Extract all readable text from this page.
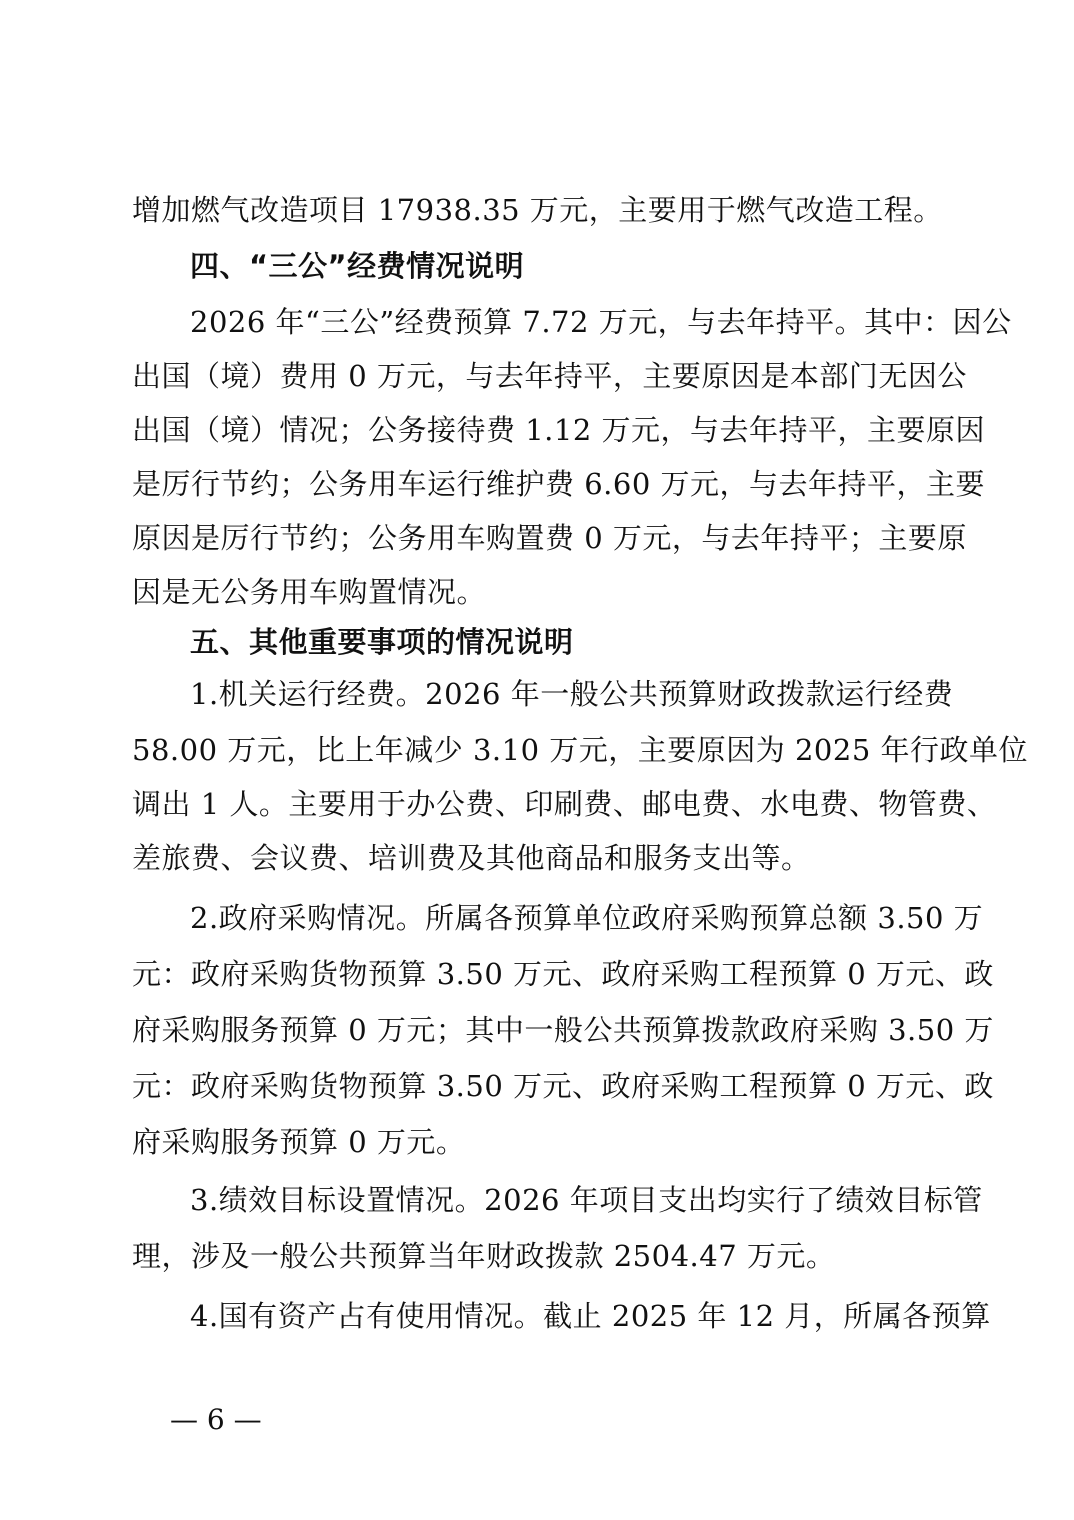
增加燃气改造项目 17938.35 万元，主要用于燃气改造工程。
四、“三公”经费情况说明
2026 年“三公”经费预算 7.72 万元，与去年持平。其中：因公
出国（境）费用 0 万元，与去年持平，主要原因是本部门无因公
出国（境）情况；公务接待费 1.12 万元，与去年持平，主要原因
是厉行节约；公务用车运行维护费 6.60 万元，与去年持平，主要
原因是厉行节约；公务用车购置费 0 万元，与去年持平；主要原
因是无公务用车购置情况。
五、其他重要事项的情况说明
1.机关运行经费。2026 年一般公共预算财政拨款运行经费
58.00 万元，比上年减少 3.10 万元，主要原因为 2025 年行政单位
调出 1 人。主要用于办公费、印刷费、邮电费、水电费、物管费、
差旅费、会议费、培训费及其他商品和服务支出等。
2.政府采购情况。所属各预算单位政府采购预算总额 3.50 万
元：政府采购货物预算 3.50 万元、政府采购工程预算 0 万元、政
府采购服务预算 0 万元；其中一般公共预算拨款政府采购 3.50 万
元：政府采购货物预算 3.50 万元、政府采购工程预算 0 万元、政
府采购服务预算 0 万元。
3.绩效目标设置情况。2026 年项目支出均实行了绩效目标管
理，涉及一般公共预算当年财政拨款 2504.47 万元。
4.国有资产占有使用情况。截止 2025 年 12 月，所属各预算
— 6 —
